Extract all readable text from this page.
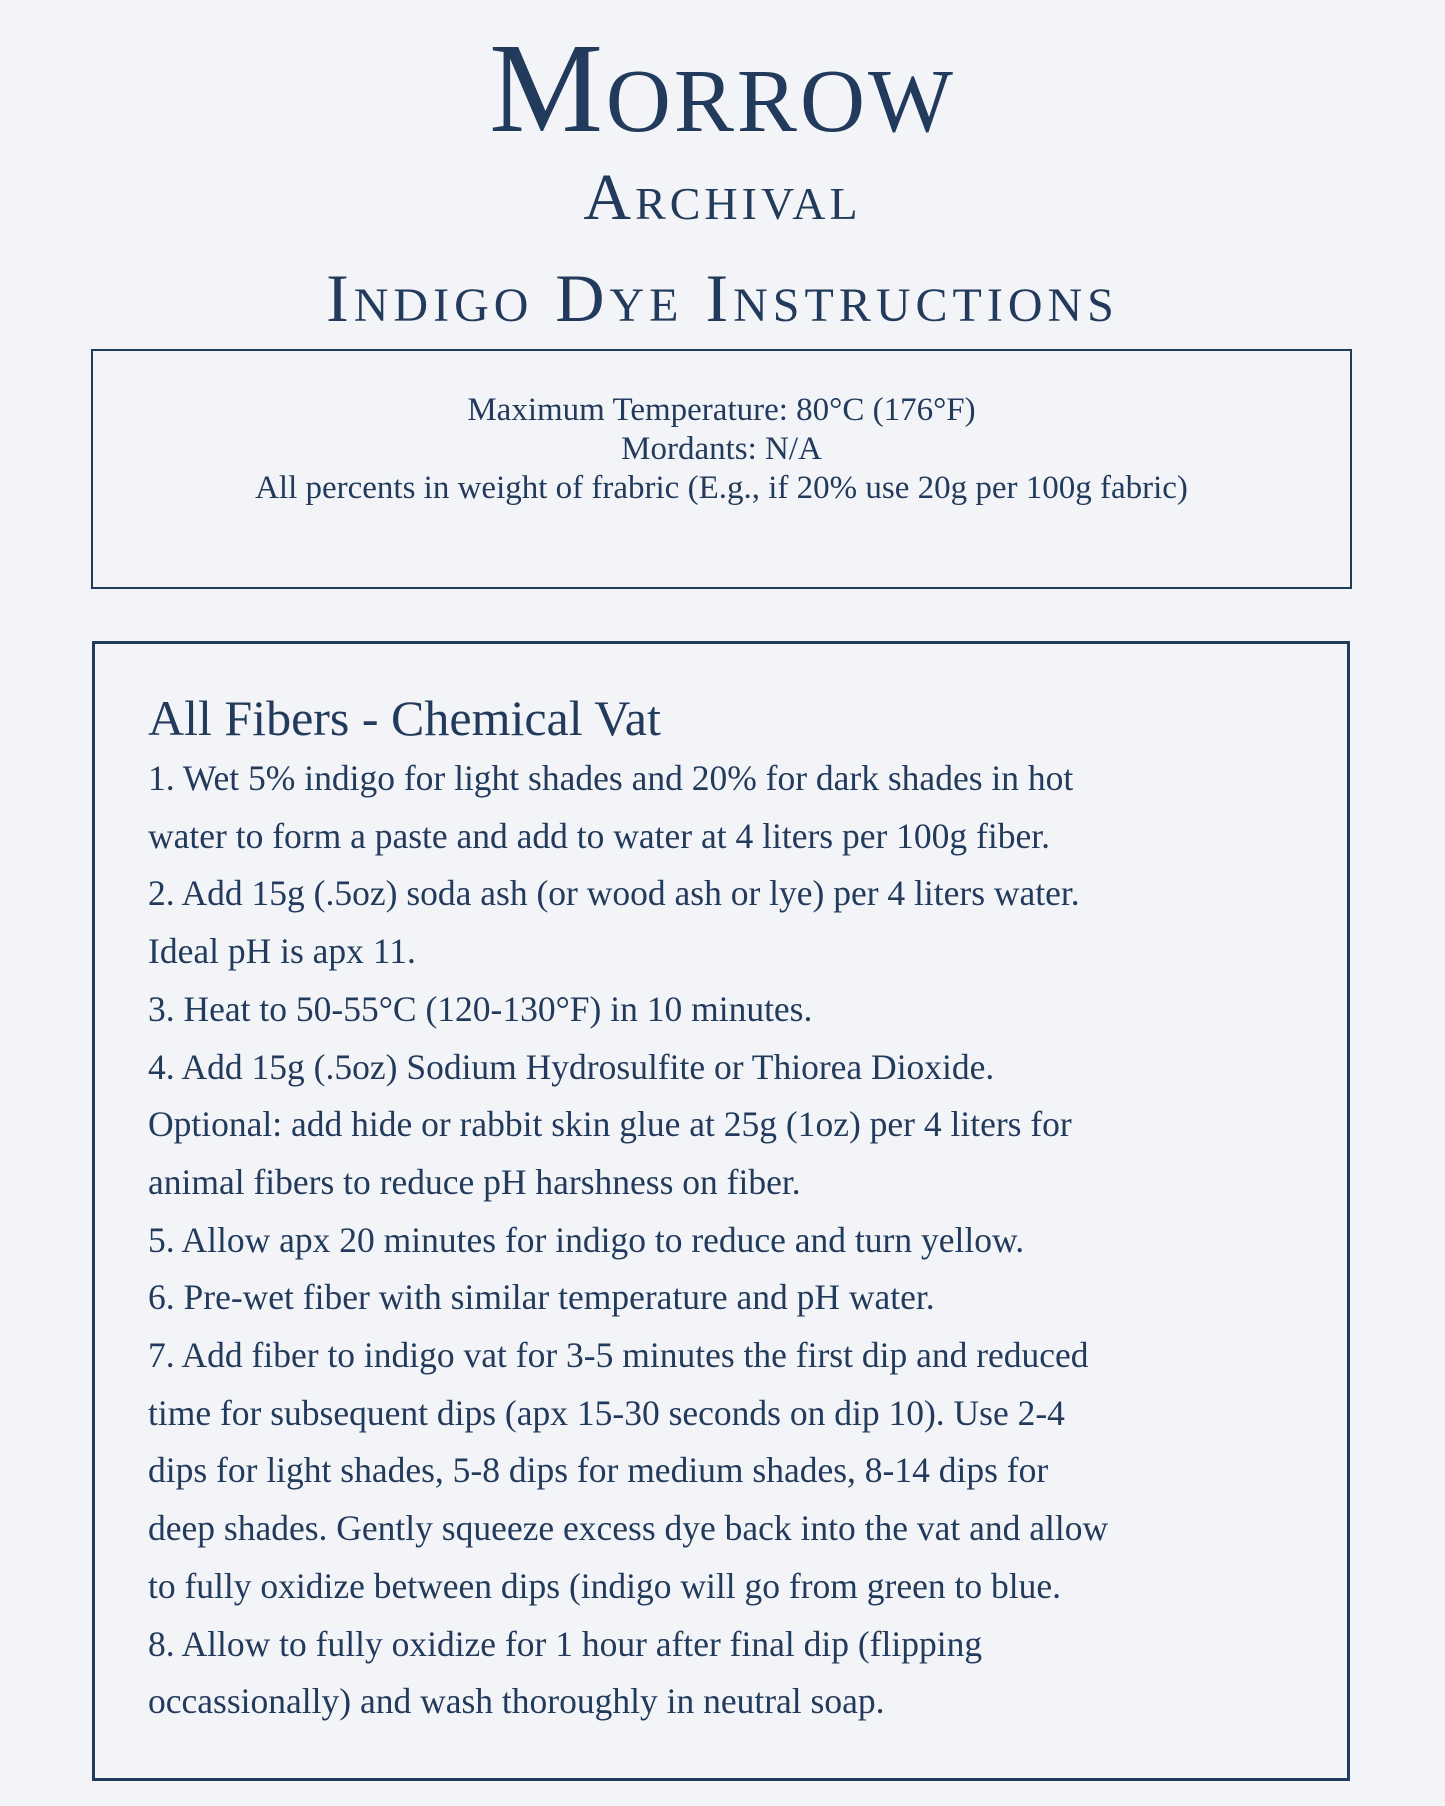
Morrow
Archival
Indigo Dye Instructions
Maximum Temperature: 80°C (176°F)
Mordants: N/A
All percents in weight of frabric (E.g., if 20% use 20g per 100g fabric)
All Fibers - Chemical Vat
1. Wet 5% indigo for light shades and 20% for dark shades in hot
water to form a paste and add to water at 4 liters per 100g fiber.
2. Add 15g (.5oz) soda ash (or wood ash or lye) per 4 liters water.
Ideal pH is apx 11.
3. Heat to 50-55°C (120-130°F) in 10 minutes.
4. Add 15g (.5oz) Sodium Hydrosulfite or Thiorea Dioxide.
Optional: add hide or rabbit skin glue at 25g (1oz) per 4 liters for
animal fibers to reduce pH harshness on fiber.
5. Allow apx 20 minutes for indigo to reduce and turn yellow.
6. Pre-wet fiber with similar temperature and pH water.
7. Add fiber to indigo vat for 3-5 minutes the first dip and reduced
time for subsequent dips (apx 15-30 seconds on dip 10). Use 2-4
dips for light shades, 5-8 dips for medium shades, 8-14 dips for
deep shades. Gently squeeze excess dye back into the vat and allow
to fully oxidize between dips (indigo will go from green to blue.
8. Allow to fully oxidize for 1 hour after final dip (flipping
occassionally) and wash thoroughly in neutral soap.
